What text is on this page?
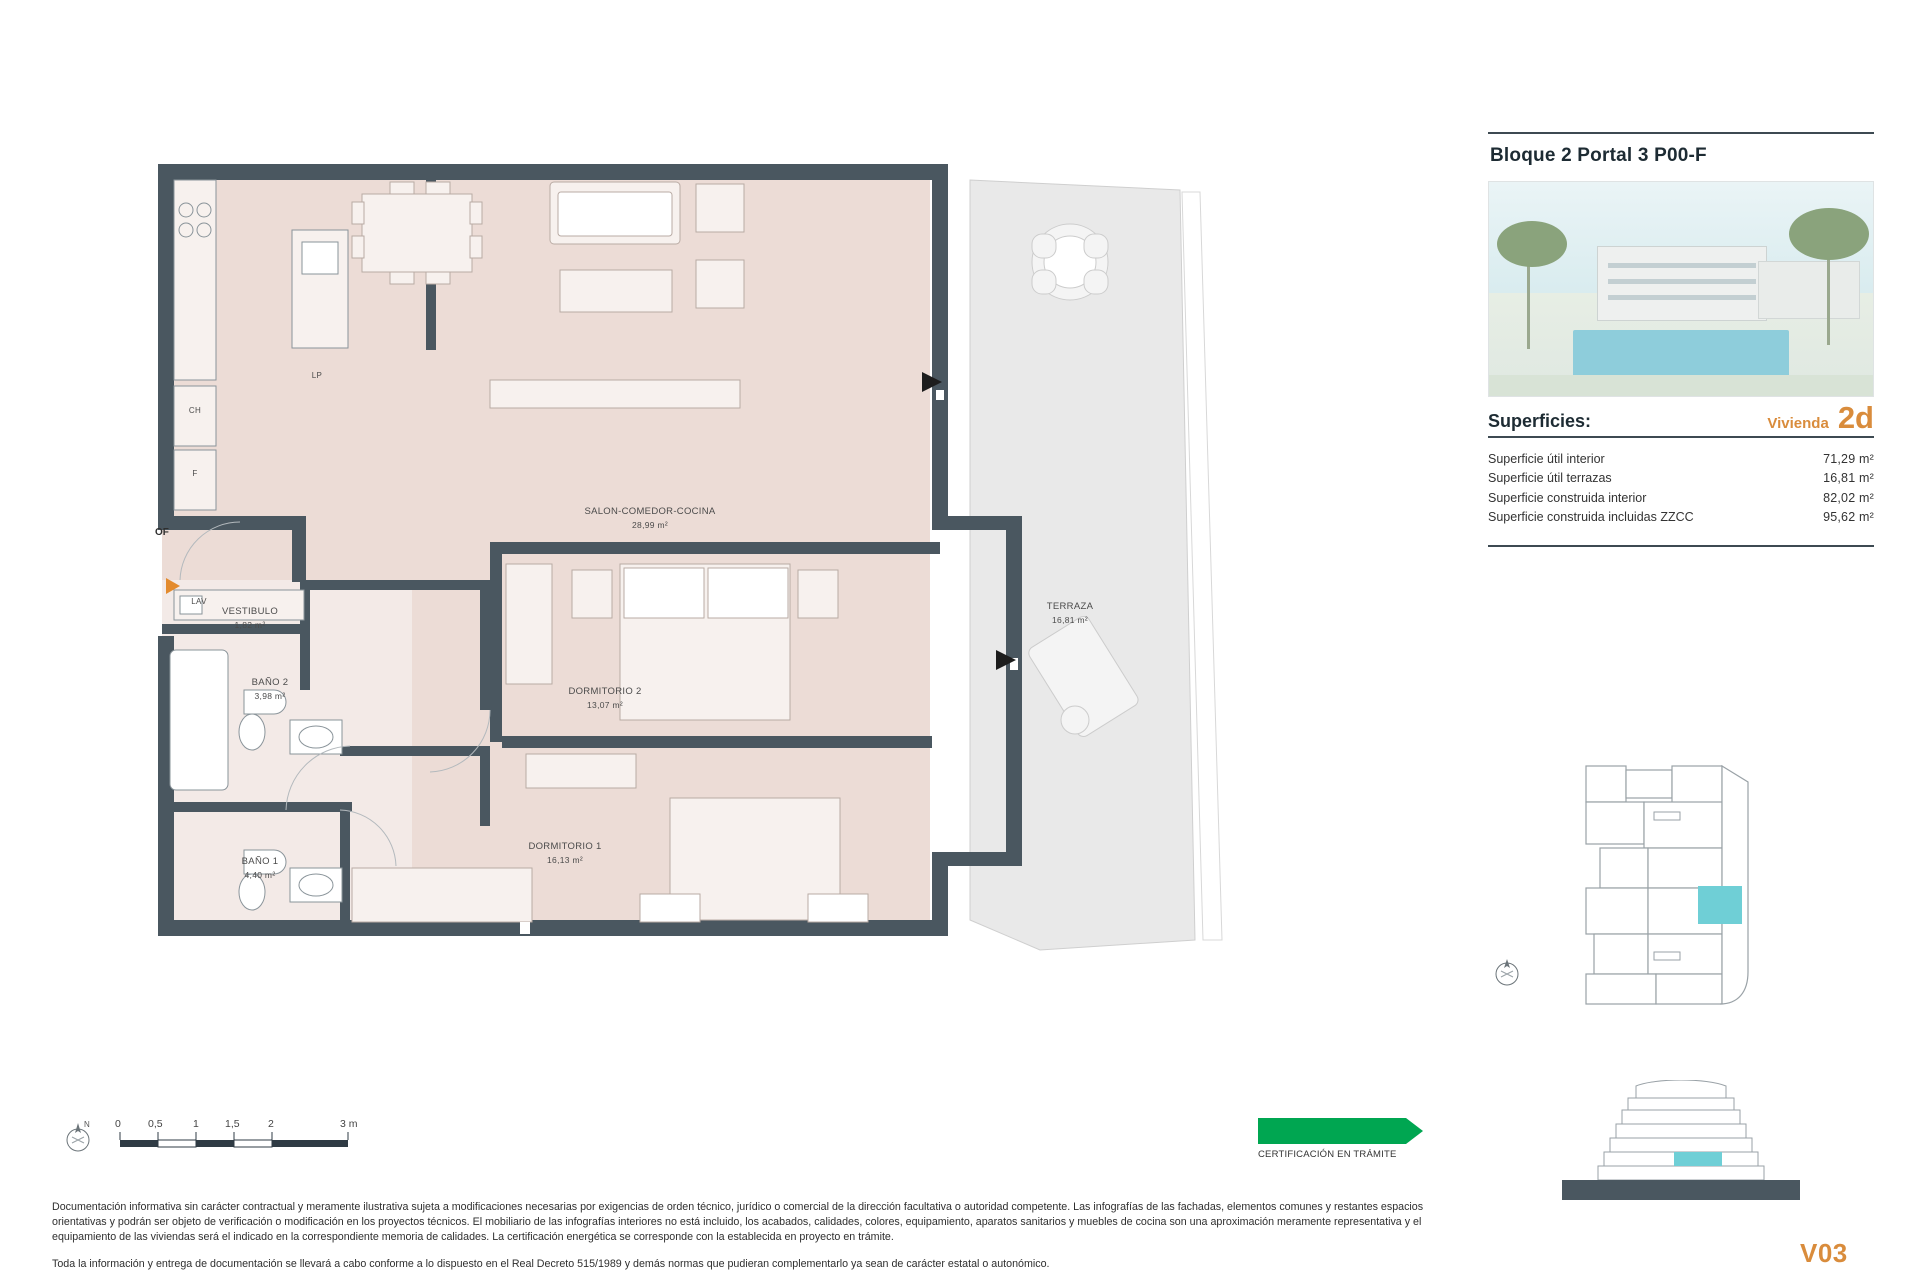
SALON-COMEDOR-COCINA
28,99 m²
VESTIBULO
1,82 m²
DORMITORIO 2
13,07 m²
BAÑO 2
3,98 m²
DORMITORIO 1
16,13 m²
BAÑO 1
4,40 m²
TERRAZA
16,81 m²
CH
F
LP
LAV
OF
Bloque 2 Portal 3 P00-F
Superficies:	Vivienda 2d
Superficie útil interior	71,29 m²
Superficie útil terrazas	16,81 m²
Superficie construida interior	82,02 m²
Superficie construida incluidas ZZCC	95,62 m²
N 0	0,5	1 1,5	2	3 m
CERTIFICACIÓN EN TRÁMITE

Documentación informativa sin carácter contractual y meramente ilustrativa sujeta a modificaciones necesarias por exigencias de orden técnico, jurídico o comercial de la dirección facultativa o autoridad competente. Las infografías de las fachadas, elementos comunes y restantes espacios orientativas y podrán ser objeto de verificación o modificación en los proyectos técnicos. El mobiliario de las infografías interiores no está incluido, los acabados, calidades, colores, equipamiento, aparatos sanitarios y muebles de cocina son una aproximación meramente representativa y el equipamiento de las viviendas será el indicado en la correspondiente memoria de calidades. La certificación energética se corresponde con la establecida en proyecto en trámite.

Toda la información y entrega de documentación se llevará a cabo conforme a lo dispuesto en el Real Decreto 515/1989 y demás normas que pudieran complementarlo ya sean de carácter estatal o autonómico.	V03
